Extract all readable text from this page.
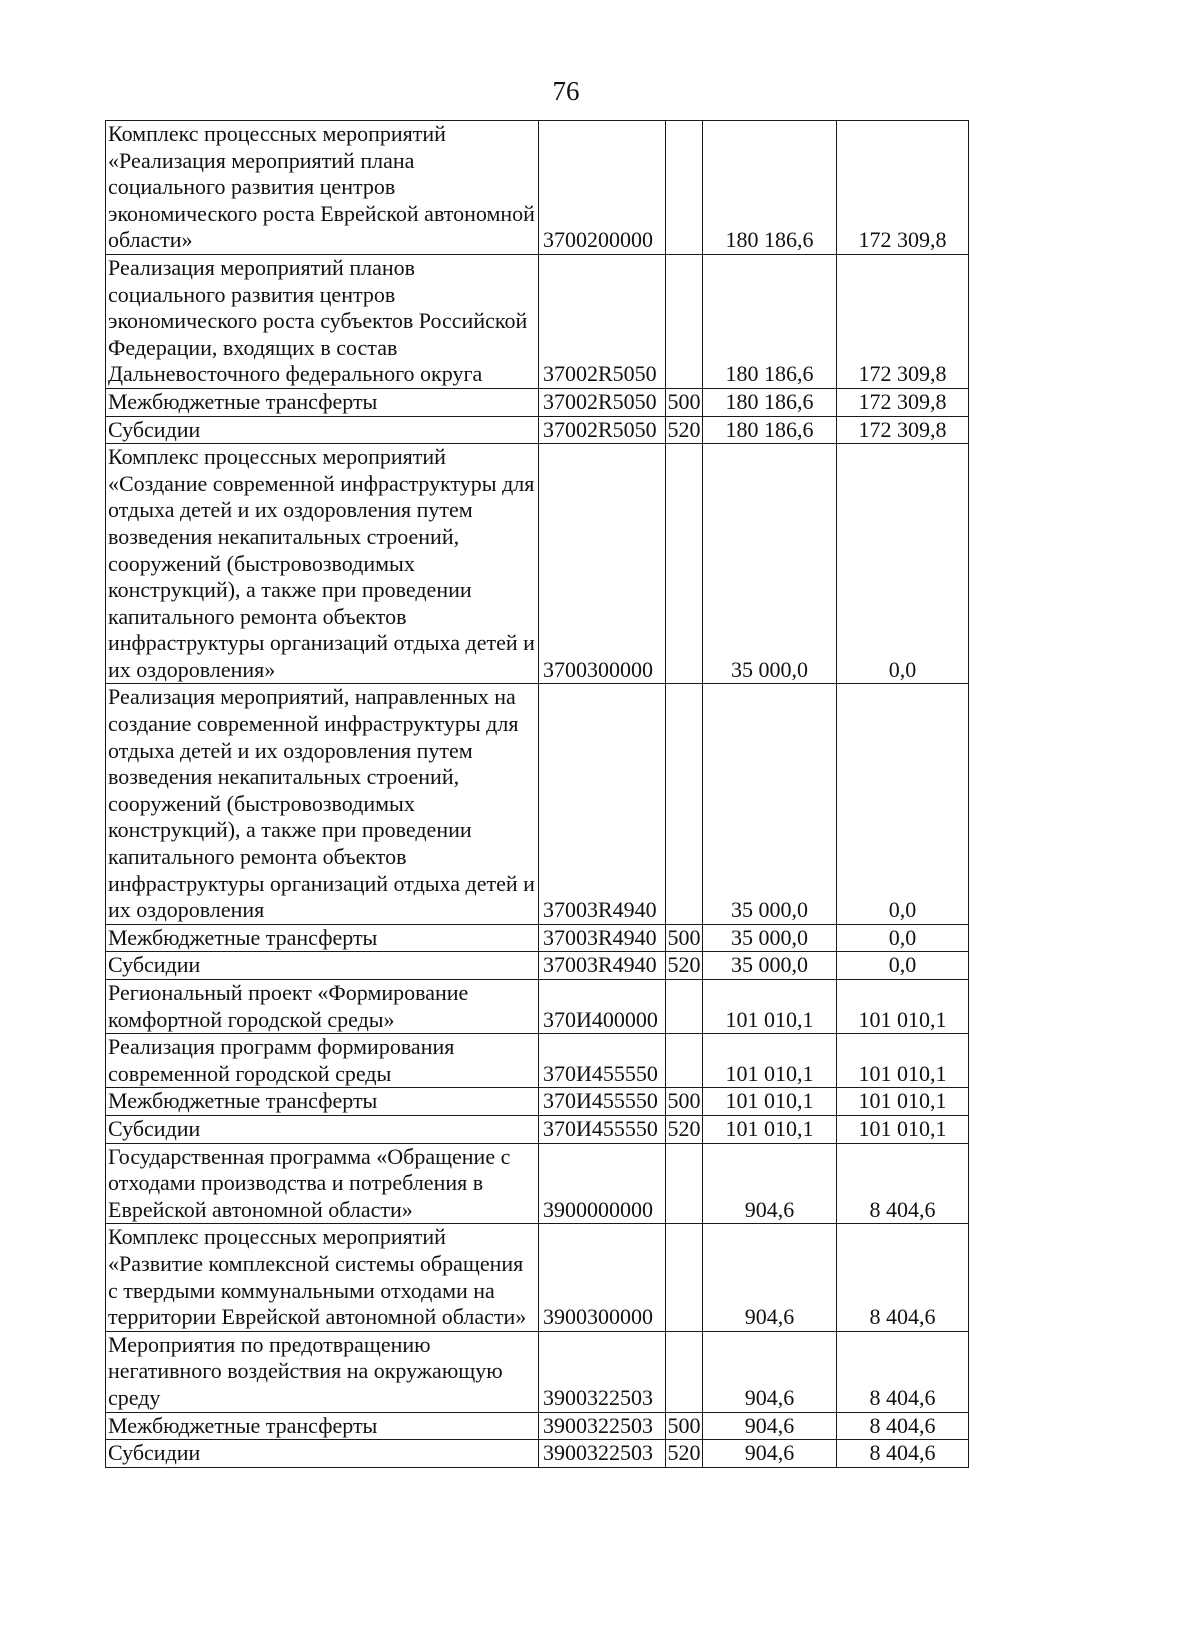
76
Комплекс процессных мероприятий «Реализация мероприятий плана социального развития центров экономического роста Еврейской автономной области»	3700200000		180 186,6	172 309,8
Реализация мероприятий планов социального развития центров экономического роста субъектов Российской Федерации, входящих в состав Дальневосточного федерального округа	37002R5050		180 186,6	172 309,8
Межбюджетные трансферты	37002R5050	500	180 186,6	172 309,8
Субсидии	37002R5050	520	180 186,6	172 309,8
Комплекс процессных мероприятий «Создание современной инфраструктуры для отдыха детей и их оздоровления путем возведения некапитальных строений, сооружений (быстровозводимых конструкций), а также при проведении капитального ремонта объектов инфраструктуры организаций отдыха детей и их оздоровления»	3700300000		35 000,0	0,0
Реализация мероприятий, направленных на создание современной инфраструктуры для отдыха детей и их оздоровления путем возведения некапитальных строений, сооружений (быстровозводимых конструкций), а также при проведении капитального ремонта объектов инфраструктуры организаций отдыха детей и их оздоровления	37003R4940		35 000,0	0,0
Межбюджетные трансферты	37003R4940	500	35 000,0	0,0
Субсидии	37003R4940	520	35 000,0	0,0
Региональный проект «Формирование комфортной городской среды»	370И400000		101 010,1	101 010,1
Реализация программ формирования современной городской среды	370И455550		101 010,1	101 010,1
Межбюджетные трансферты	370И455550	500	101 010,1	101 010,1
Субсидии	370И455550	520	101 010,1	101 010,1
Государственная программа «Обращение с отходами производства и потребления в Еврейской автономной области»	3900000000		904,6	8 404,6
Комплекс процессных мероприятий «Развитие комплексной системы обращения с твердыми коммунальными отходами на территории Еврейской автономной области»	3900300000		904,6	8 404,6
Мероприятия по предотвращению негативного воздействия на окружающую среду	3900322503		904,6	8 404,6
Межбюджетные трансферты	3900322503	500	904,6	8 404,6
Субсидии	3900322503	520	904,6	8 404,6
